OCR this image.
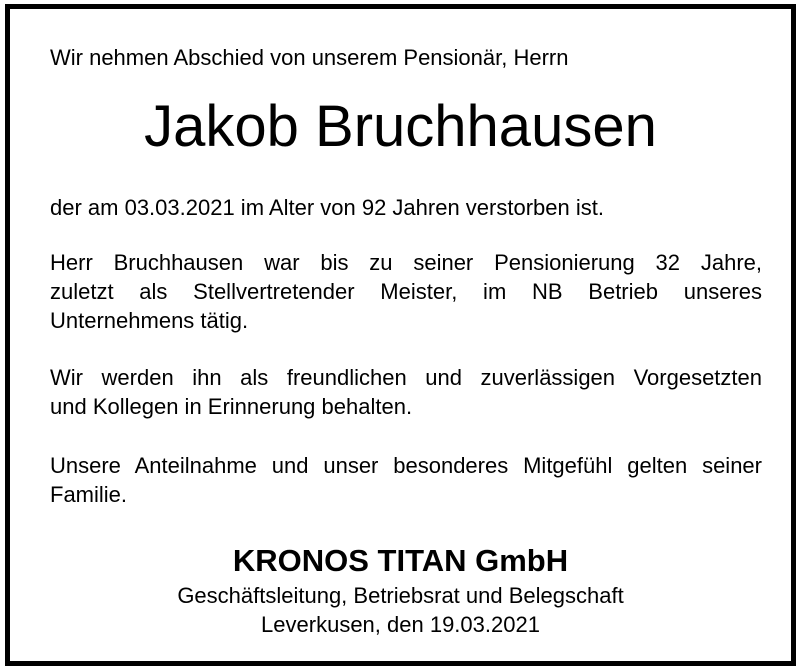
Wir nehmen Abschied von unserem Pensionär, Herrn
Jakob Bruchhausen
der am 03.03.2021 im Alter von 92 Jahren verstorben ist.
Herr Bruchhausen war bis zu seiner Pensionierung 32 Jahre,
zuletzt als Stellvertretender Meister, im NB Betrieb unseres
Unternehmens tätig.
Wir werden ihn als freundlichen und zuverlässigen Vorgesetzten
und Kollegen in Erinnerung behalten.
Unsere Anteilnahme und unser besonderes Mitgefühl gelten seiner
Familie.
KRONOS TITAN GmbH
Geschäftsleitung, Betriebsrat und Belegschaft
Leverkusen, den 19.03.2021
